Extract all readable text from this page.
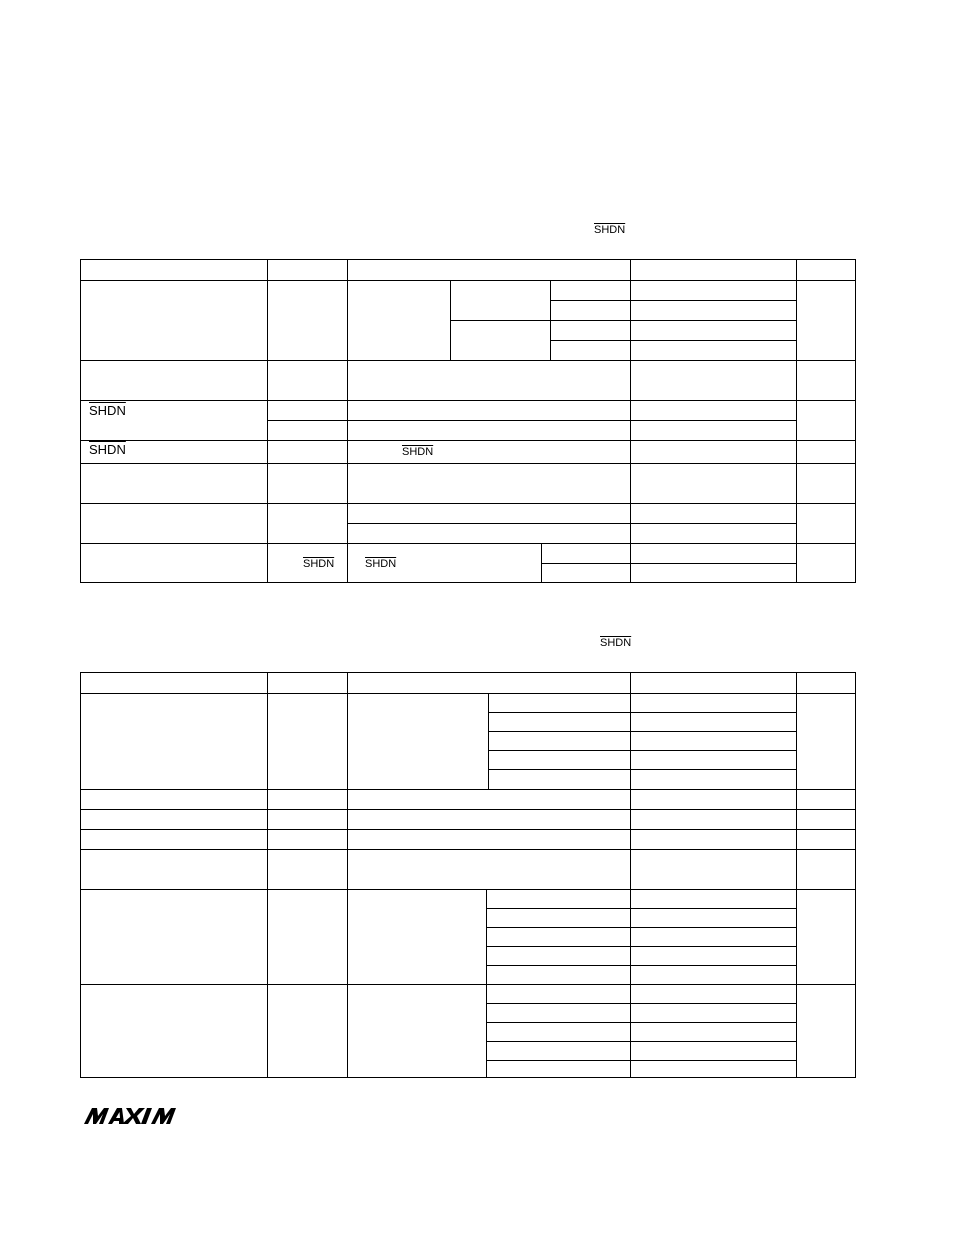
SHDN
SHDN
SHDN	SHDN
SHDN	SHDN
SHDN
